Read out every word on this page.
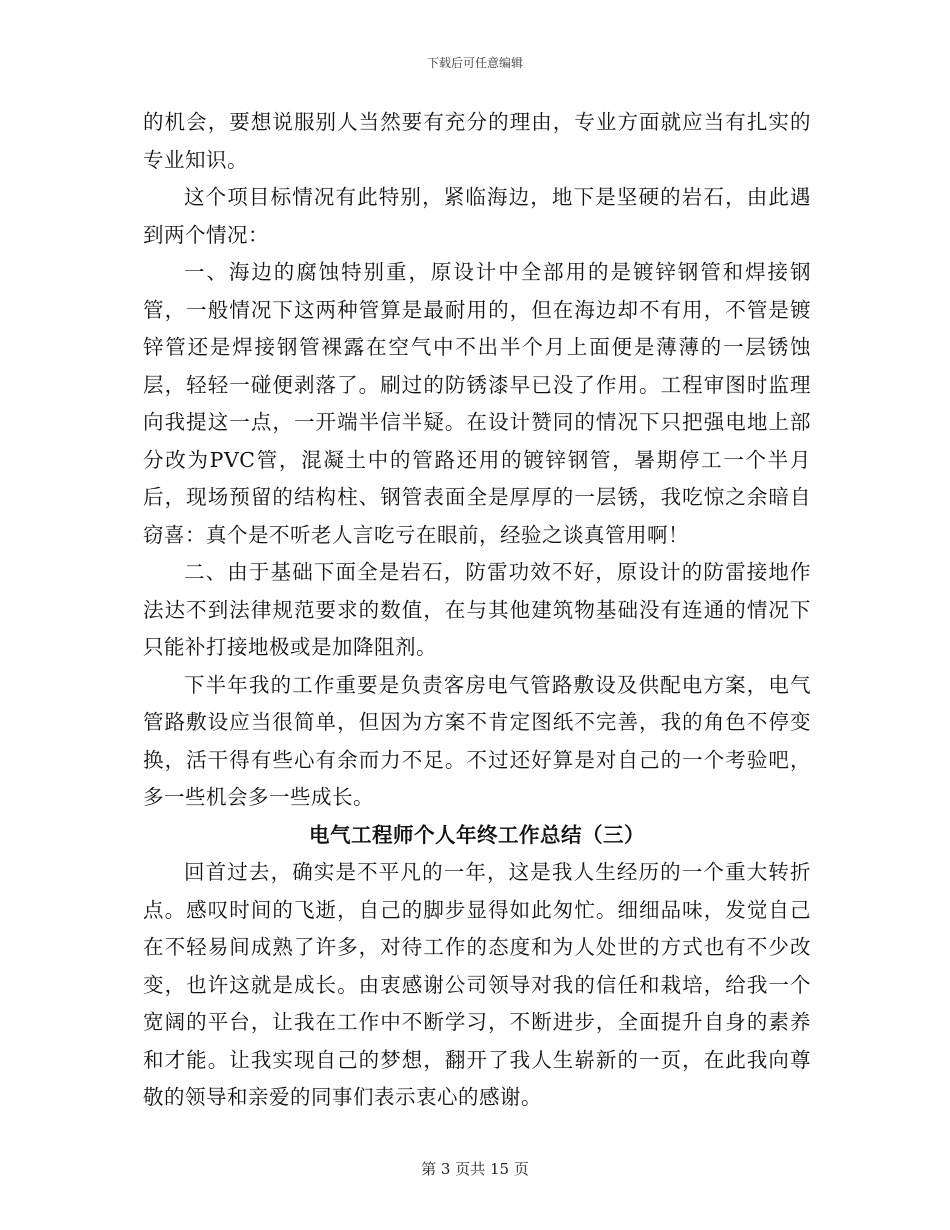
下载后可任意编辑

的机会，要想说服别人当然要有充分的理由，专业方面就应当有扎实的专业知识。

这个项目标情况有此特别，紧临海边，地下是坚硬的岩石，由此遇到两个情况：

一、海边的腐蚀特别重，原设计中全部用的是镀锌钢管和焊接钢管，一般情况下这两种管算是最耐用的，但在海边却不有用，不管是镀锌管还是焊接钢管裸露在空气中不出半个月上面便是薄薄的一层锈蚀层，轻轻一碰便剥落了。刷过的防锈漆早已没了作用。工程审图时监理向我提这一点，一开端半信半疑。在设计赞同的情况下只把强电地上部分改为PVC管，混凝土中的管路还用的镀锌钢管，暑期停工一个半月后，现场预留的结构柱、钢管表面全是厚厚的一层锈，我吃惊之余暗自窃喜：真个是不听老人言吃亏在眼前，经验之谈真管用啊！

二、由于基础下面全是岩石，防雷功效不好，原设计的防雷接地作法达不到法律规范要求的数值，在与其他建筑物基础没有连通的情况下只能补打接地极或是加降阻剂。

下半年我的工作重要是负责客房电气管路敷设及供配电方案，电气管路敷设应当很简单，但因为方案不肯定图纸不完善，我的角色不停变换，活干得有些心有余而力不足。不过还好算是对自己的一个考验吧，多一些机会多一些成长。

电气工程师个人年终工作总结（三）

回首过去，确实是不平凡的一年，这是我人生经历的一个重大转折点。感叹时间的飞逝，自己的脚步显得如此匆忙。细细品味，发觉自己在不轻易间成熟了许多，对待工作的态度和为人处世的方式也有不少改变，也许这就是成长。由衷感谢公司领导对我的信任和栽培，给我一个宽阔的平台，让我在工作中不断学习，不断进步，全面提升自身的素养和才能。让我实现自己的梦想，翻开了我人生崭新的一页，在此我向尊敬的领导和亲爱的同事们表示衷心的感谢。

第 3 页共 15 页
